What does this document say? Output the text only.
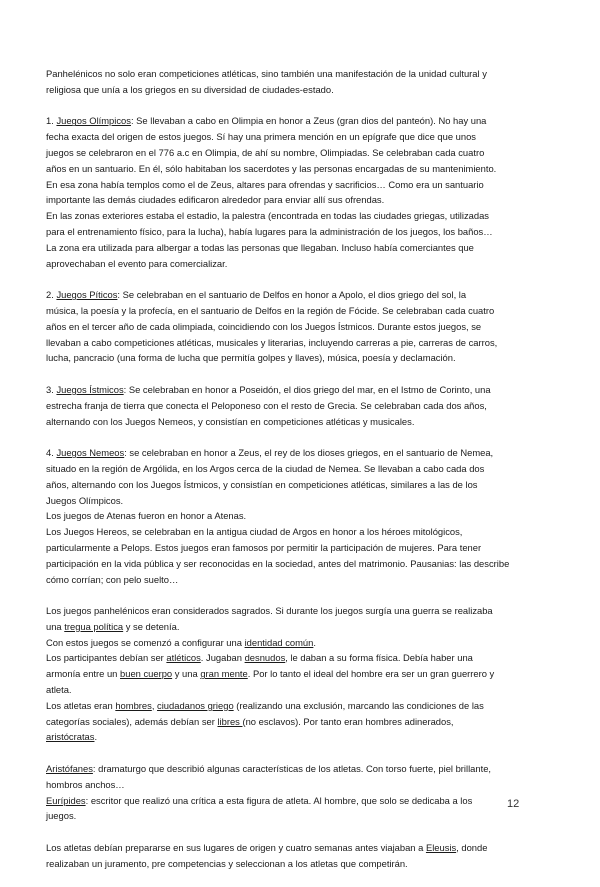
Panhelénicos no solo eran competiciones atléticas, sino también una manifestación de la unidad cultural y
religiosa que unía a los griegos en su diversidad de ciudades-estado.

1. Juegos Olímpicos: Se llevaban a cabo en Olimpia en honor a Zeus (gran dios del panteón). No hay una
fecha exacta del origen de estos juegos. Sí hay una primera mención en un epígrafe que dice que unos
juegos se celebraron en el 776 a.c en Olimpia, de ahí su nombre, Olimpiadas. Se celebraban cada cuatro
años en un santuario. En él, sólo habitaban los sacerdotes y las personas encargadas de su mantenimiento.
En esa zona había templos como el de Zeus, altares para ofrendas y sacrificios… Como era un santuario
importante las demás ciudades edificaron alrededor para enviar allí sus ofrendas.
En las zonas exteriores estaba el estadio, la palestra (encontrada en todas las ciudades griegas, utilizadas
para el entrenamiento físico, para la lucha), había lugares para la administración de los juegos, los baños…
La zona era utilizada para albergar a todas las personas que llegaban. Incluso había comerciantes que
aprovechaban el evento para comercializar.

2. Juegos Píticos: Se celebraban en el santuario de Delfos en honor a Apolo, el dios griego del sol, la
música, la poesía y la profecía, en el santuario de Delfos en la región de Fócide. Se celebraban cada cuatro
años en el tercer año de cada olimpiada, coincidiendo con los Juegos Ístmicos. Durante estos juegos, se
llevaban a cabo competiciones atléticas, musicales y literarias, incluyendo carreras a pie, carreras de carros,
lucha, pancracio (una forma de lucha que permitía golpes y llaves), música, poesía y declamación.

3. Juegos Ístmicos: Se celebraban en honor a Poseidón, el dios griego del mar, en el Istmo de Corinto, una
estrecha franja de tierra que conecta el Peloponeso con el resto de Grecia. Se celebraban cada dos años,
alternando con los Juegos Nemeos, y consistían en competiciones atléticas y musicales.

4. Juegos Nemeos: se celebraban en honor a Zeus, el rey de los dioses griegos, en el santuario de Nemea,
situado en la región de Argólida, en los Argos cerca de la ciudad de Nemea. Se llevaban a cabo cada dos
años, alternando con los Juegos Ístmicos, y consistían en competiciones atléticas, similares a las de los
Juegos Olímpicos.
Los juegos de Atenas fueron en honor a Atenas.
Los Juegos Hereos, se celebraban en la antigua ciudad de Argos en honor a los héroes mitológicos,
particularmente a Pelops. Estos juegos eran famosos por permitir la participación de mujeres. Para tener
participación en la vida pública y ser reconocidas en la sociedad, antes del matrimonio. Pausanias: las describe
cómo corrían; con pelo suelto…

Los juegos panhelénicos eran considerados sagrados. Si durante los juegos surgía una guerra se realizaba
una tregua política y se detenía.
Con estos juegos se comenzó a configurar una identidad común.
Los participantes debían ser atléticos. Jugaban desnudos, le daban a su forma física. Debía haber una
armonía entre un buen cuerpo y una gran mente. Por lo tanto el ideal del hombre era ser un gran guerrero y
atleta.
Los atletas eran hombres, ciudadanos griego (realizando una exclusión, marcando las condiciones de las
categorías sociales), además debían ser libres (no esclavos). Por tanto eran hombres adinerados,
aristócratas.

Aristófanes: dramaturgo que describió algunas características de los atletas. Con torso fuerte, piel brillante,
hombros anchos…
Eurípides: escritor que realizó una crítica a esta figura de atleta. Al hombre, que solo se dedicaba a los
juegos.

Los atletas debían prepararse en sus lugares de origen y cuatro semanas antes viajaban a Eleusis, donde
realizaban un juramento, pre competencias y seleccionan a los atletas que competirán.

12
